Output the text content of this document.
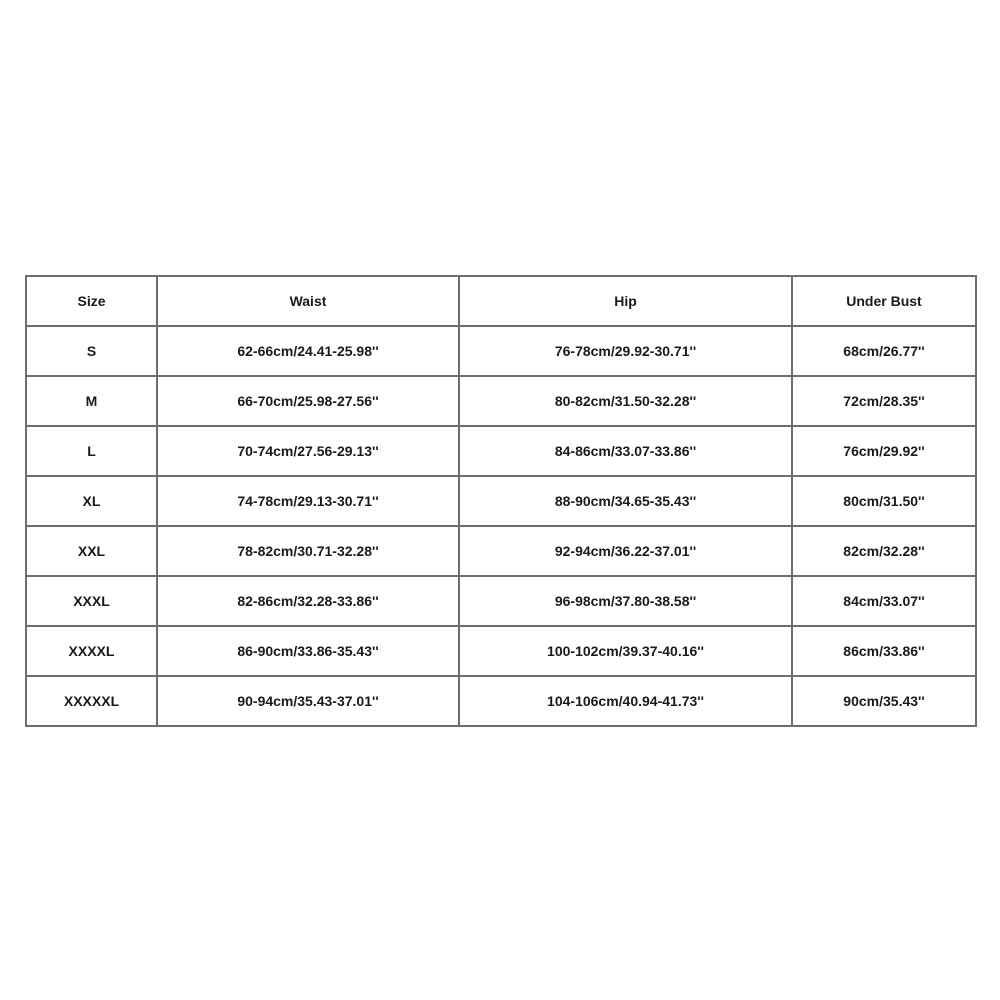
Size	Waist	Hip	Under Bust
S	62-66cm/24.41-25.98''	76-78cm/29.92-30.71''	68cm/26.77''
M	66-70cm/25.98-27.56''	80-82cm/31.50-32.28''	72cm/28.35''
L	70-74cm/27.56-29.13''	84-86cm/33.07-33.86''	76cm/29.92''
XL	74-78cm/29.13-30.71''	88-90cm/34.65-35.43''	80cm/31.50''
XXL	78-82cm/30.71-32.28''	92-94cm/36.22-37.01''	82cm/32.28''
XXXL	82-86cm/32.28-33.86''	96-98cm/37.80-38.58''	84cm/33.07''
XXXXL	86-90cm/33.86-35.43''	100-102cm/39.37-40.16''	86cm/33.86''
XXXXXL	90-94cm/35.43-37.01''	104-106cm/40.94-41.73''	90cm/35.43''
